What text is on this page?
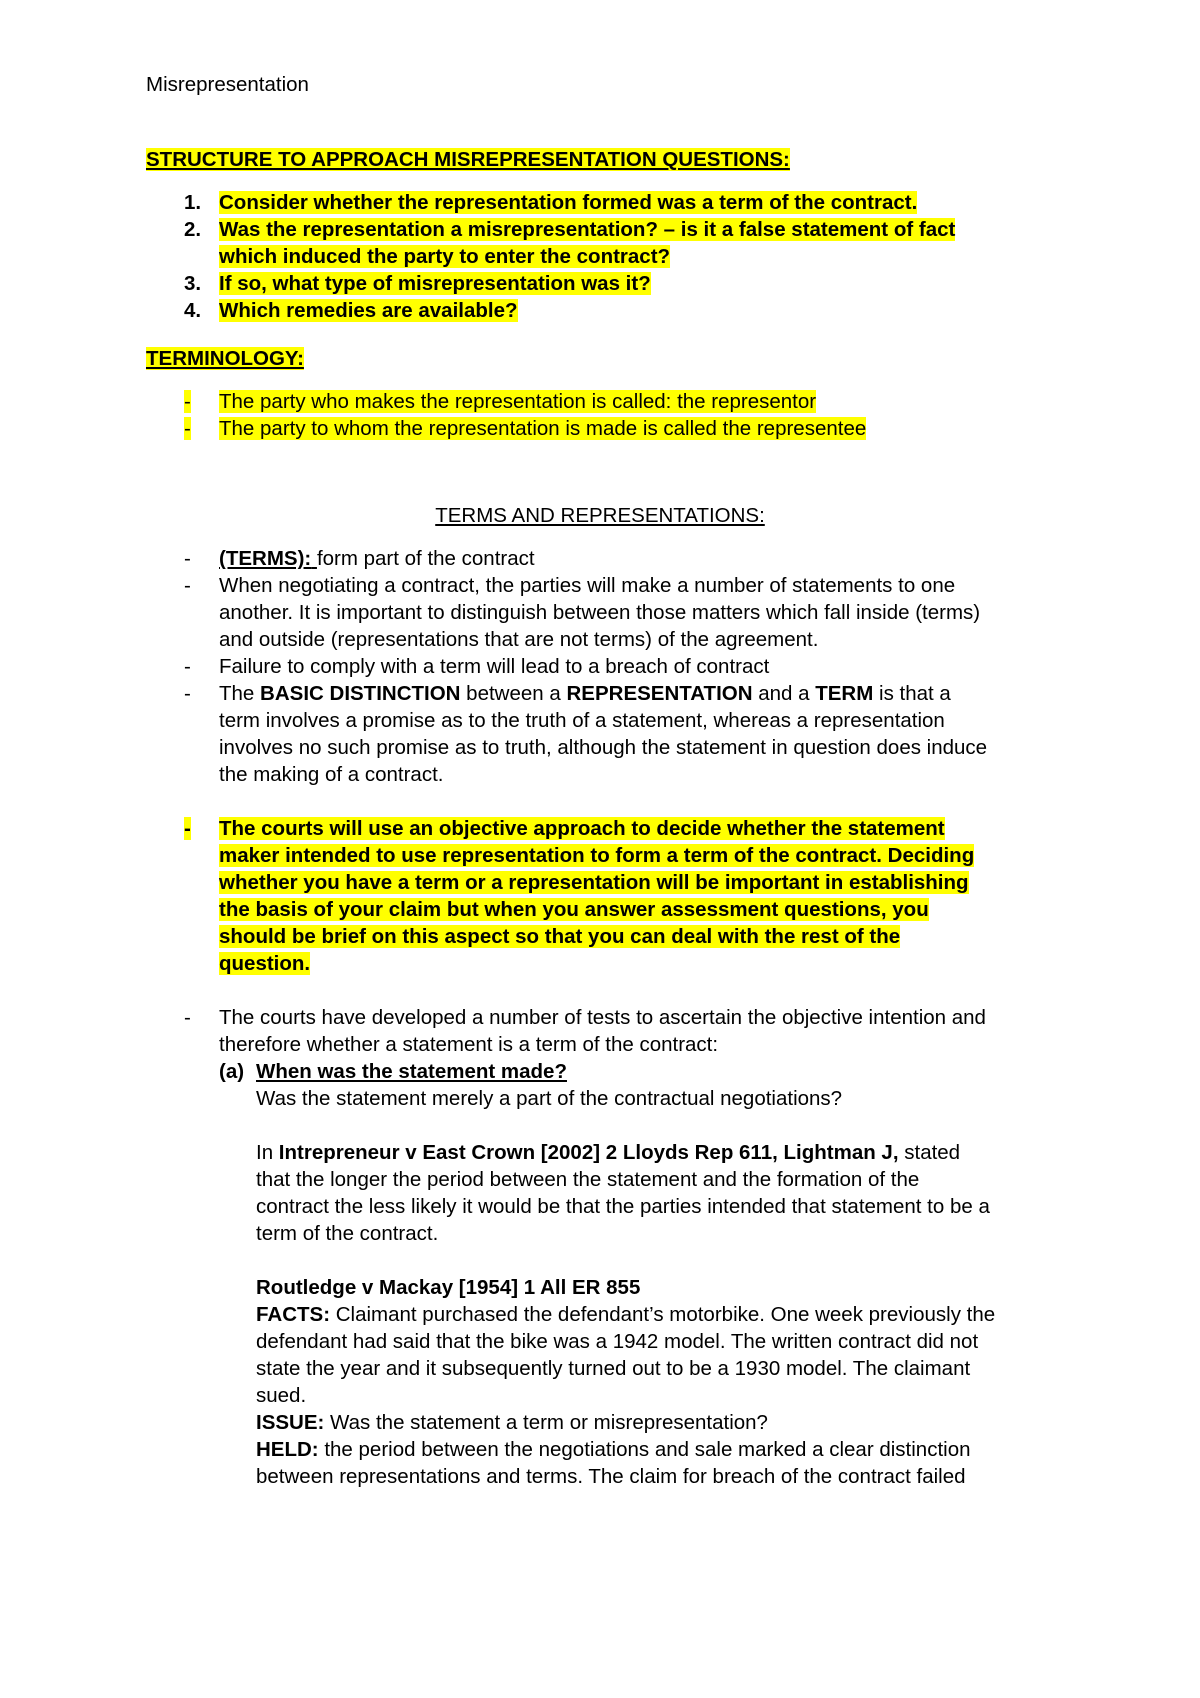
Misrepresentation
STRUCTURE TO APPROACH MISREPRESENTATION QUESTIONS:
1. Consider whether the representation formed was a term of the contract.
2. Was the representation a misrepresentation? – is it a false statement of fact
which induced the party to enter the contract?
3. If so, what type of misrepresentation was it?
4. Which remedies are available?
TERMINOLOGY:
- The party who makes the representation is called: the representor
- The party to whom the representation is made is called the representee
TERMS AND REPRESENTATIONS:
- (TERMS): form part of the contract
- When negotiating a contract, the parties will make a number of statements to one
another. It is important to distinguish between those matters which fall inside (terms)
and outside (representations that are not terms) of the agreement.
- Failure to comply with a term will lead to a breach of contract
- The BASIC DISTINCTION between a REPRESENTATION and a TERM is that a
term involves a promise as to the truth of a statement, whereas a representation
involves no such promise as to truth, although the statement in question does induce
the making of a contract.
- The courts will use an objective approach to decide whether the statement
maker intended to use representation to form a term of the contract. Deciding
whether you have a term or a representation will be important in establishing
the basis of your claim but when you answer assessment questions, you
should be brief on this aspect so that you can deal with the rest of the
question.
- The courts have developed a number of tests to ascertain the objective intention and
therefore whether a statement is a term of the contract:
(a) When was the statement made?
Was the statement merely a part of the contractual negotiations?
In Intrepreneur v East Crown [2002] 2 Lloyds Rep 611, Lightman J, stated
that the longer the period between the statement and the formation of the
contract the less likely it would be that the parties intended that statement to be a
term of the contract.
Routledge v Mackay [1954] 1 All ER 855
FACTS: Claimant purchased the defendant’s motorbike. One week previously the
defendant had said that the bike was a 1942 model. The written contract did not
state the year and it subsequently turned out to be a 1930 model. The claimant
sued.
ISSUE: Was the statement a term or misrepresentation?
HELD: the period between the negotiations and sale marked a clear distinction
between representations and terms. The claim for breach of the contract failed
